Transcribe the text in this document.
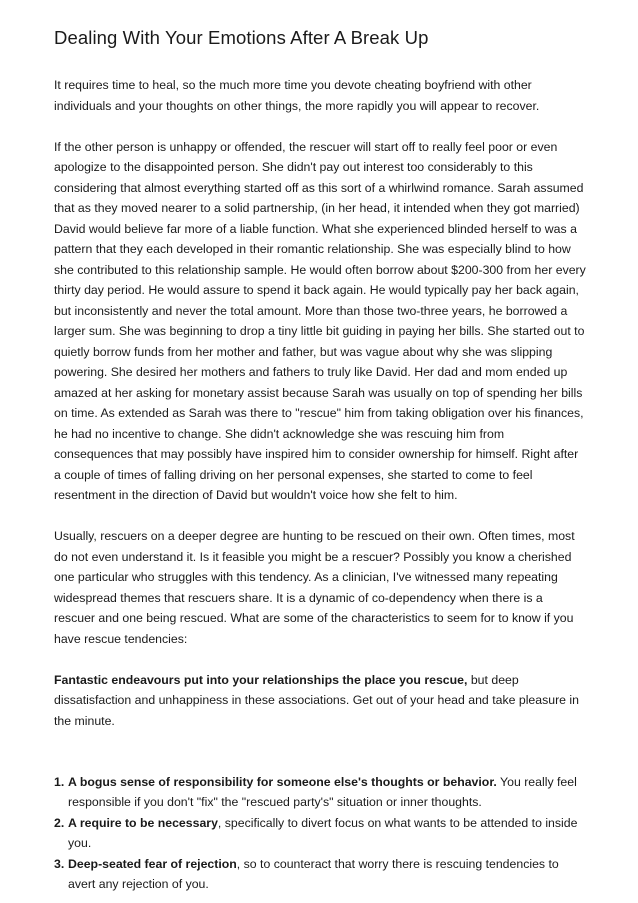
Dealing With Your Emotions After A Break Up

It requires time to heal, so the much more time you devote cheating boyfriend with other individuals and your thoughts on other things, the more rapidly you will appear to recover.

If the other person is unhappy or offended, the rescuer will start off to really feel poor or even apologize to the disappointed person. She didn't pay out interest too considerably to this considering that almost everything started off as this sort of a whirlwind romance. Sarah assumed that as they moved nearer to a solid partnership, (in her head, it intended when they got married) David would believe far more of a liable function. What she experienced blinded herself to was a pattern that they each developed in their romantic relationship. She was especially blind to how she contributed to this relationship sample. He would often borrow about $200-300 from her every thirty day period. He would assure to spend it back again. He would typically pay her back again, but inconsistently and never the total amount. More than those two-three years, he borrowed a larger sum. She was beginning to drop a tiny little bit guiding in paying her bills. She started out to quietly borrow funds from her mother and father, but was vague about why she was slipping powering. She desired her mothers and fathers to truly like David. Her dad and mom ended up amazed at her asking for monetary assist because Sarah was usually on top of spending her bills on time. As extended as Sarah was there to "rescue" him from taking obligation over his finances, he had no incentive to change. She didn't acknowledge she was rescuing him from consequences that may possibly have inspired him to consider ownership for himself. Right after a couple of times of falling driving on her personal expenses, she started to come to feel resentment in the direction of David but wouldn't voice how she felt to him.

Usually, rescuers on a deeper degree are hunting to be rescued on their own. Often times, most do not even understand it. Is it feasible you might be a rescuer? Possibly you know a cherished one particular who struggles with this tendency. As a clinician, I've witnessed many repeating widespread themes that rescuers share. It is a dynamic of co-dependency when there is a rescuer and one being rescued. What are some of the characteristics to seem for to know if you have rescue tendencies:

Fantastic endeavours put into your relationships the place you rescue, but deep dissatisfaction and unhappiness in these associations. Get out of your head and take pleasure in the minute.

1. A bogus sense of responsibility for someone else's thoughts or behavior. You really feel responsible if you don't "fix" the "rescued party's" situation or inner thoughts.
2. A require to be necessary, specifically to divert focus on what wants to be attended to inside you.
3. Deep-seated fear of rejection, so to counteract that worry there is rescuing tendencies to avert any rejection of you.
